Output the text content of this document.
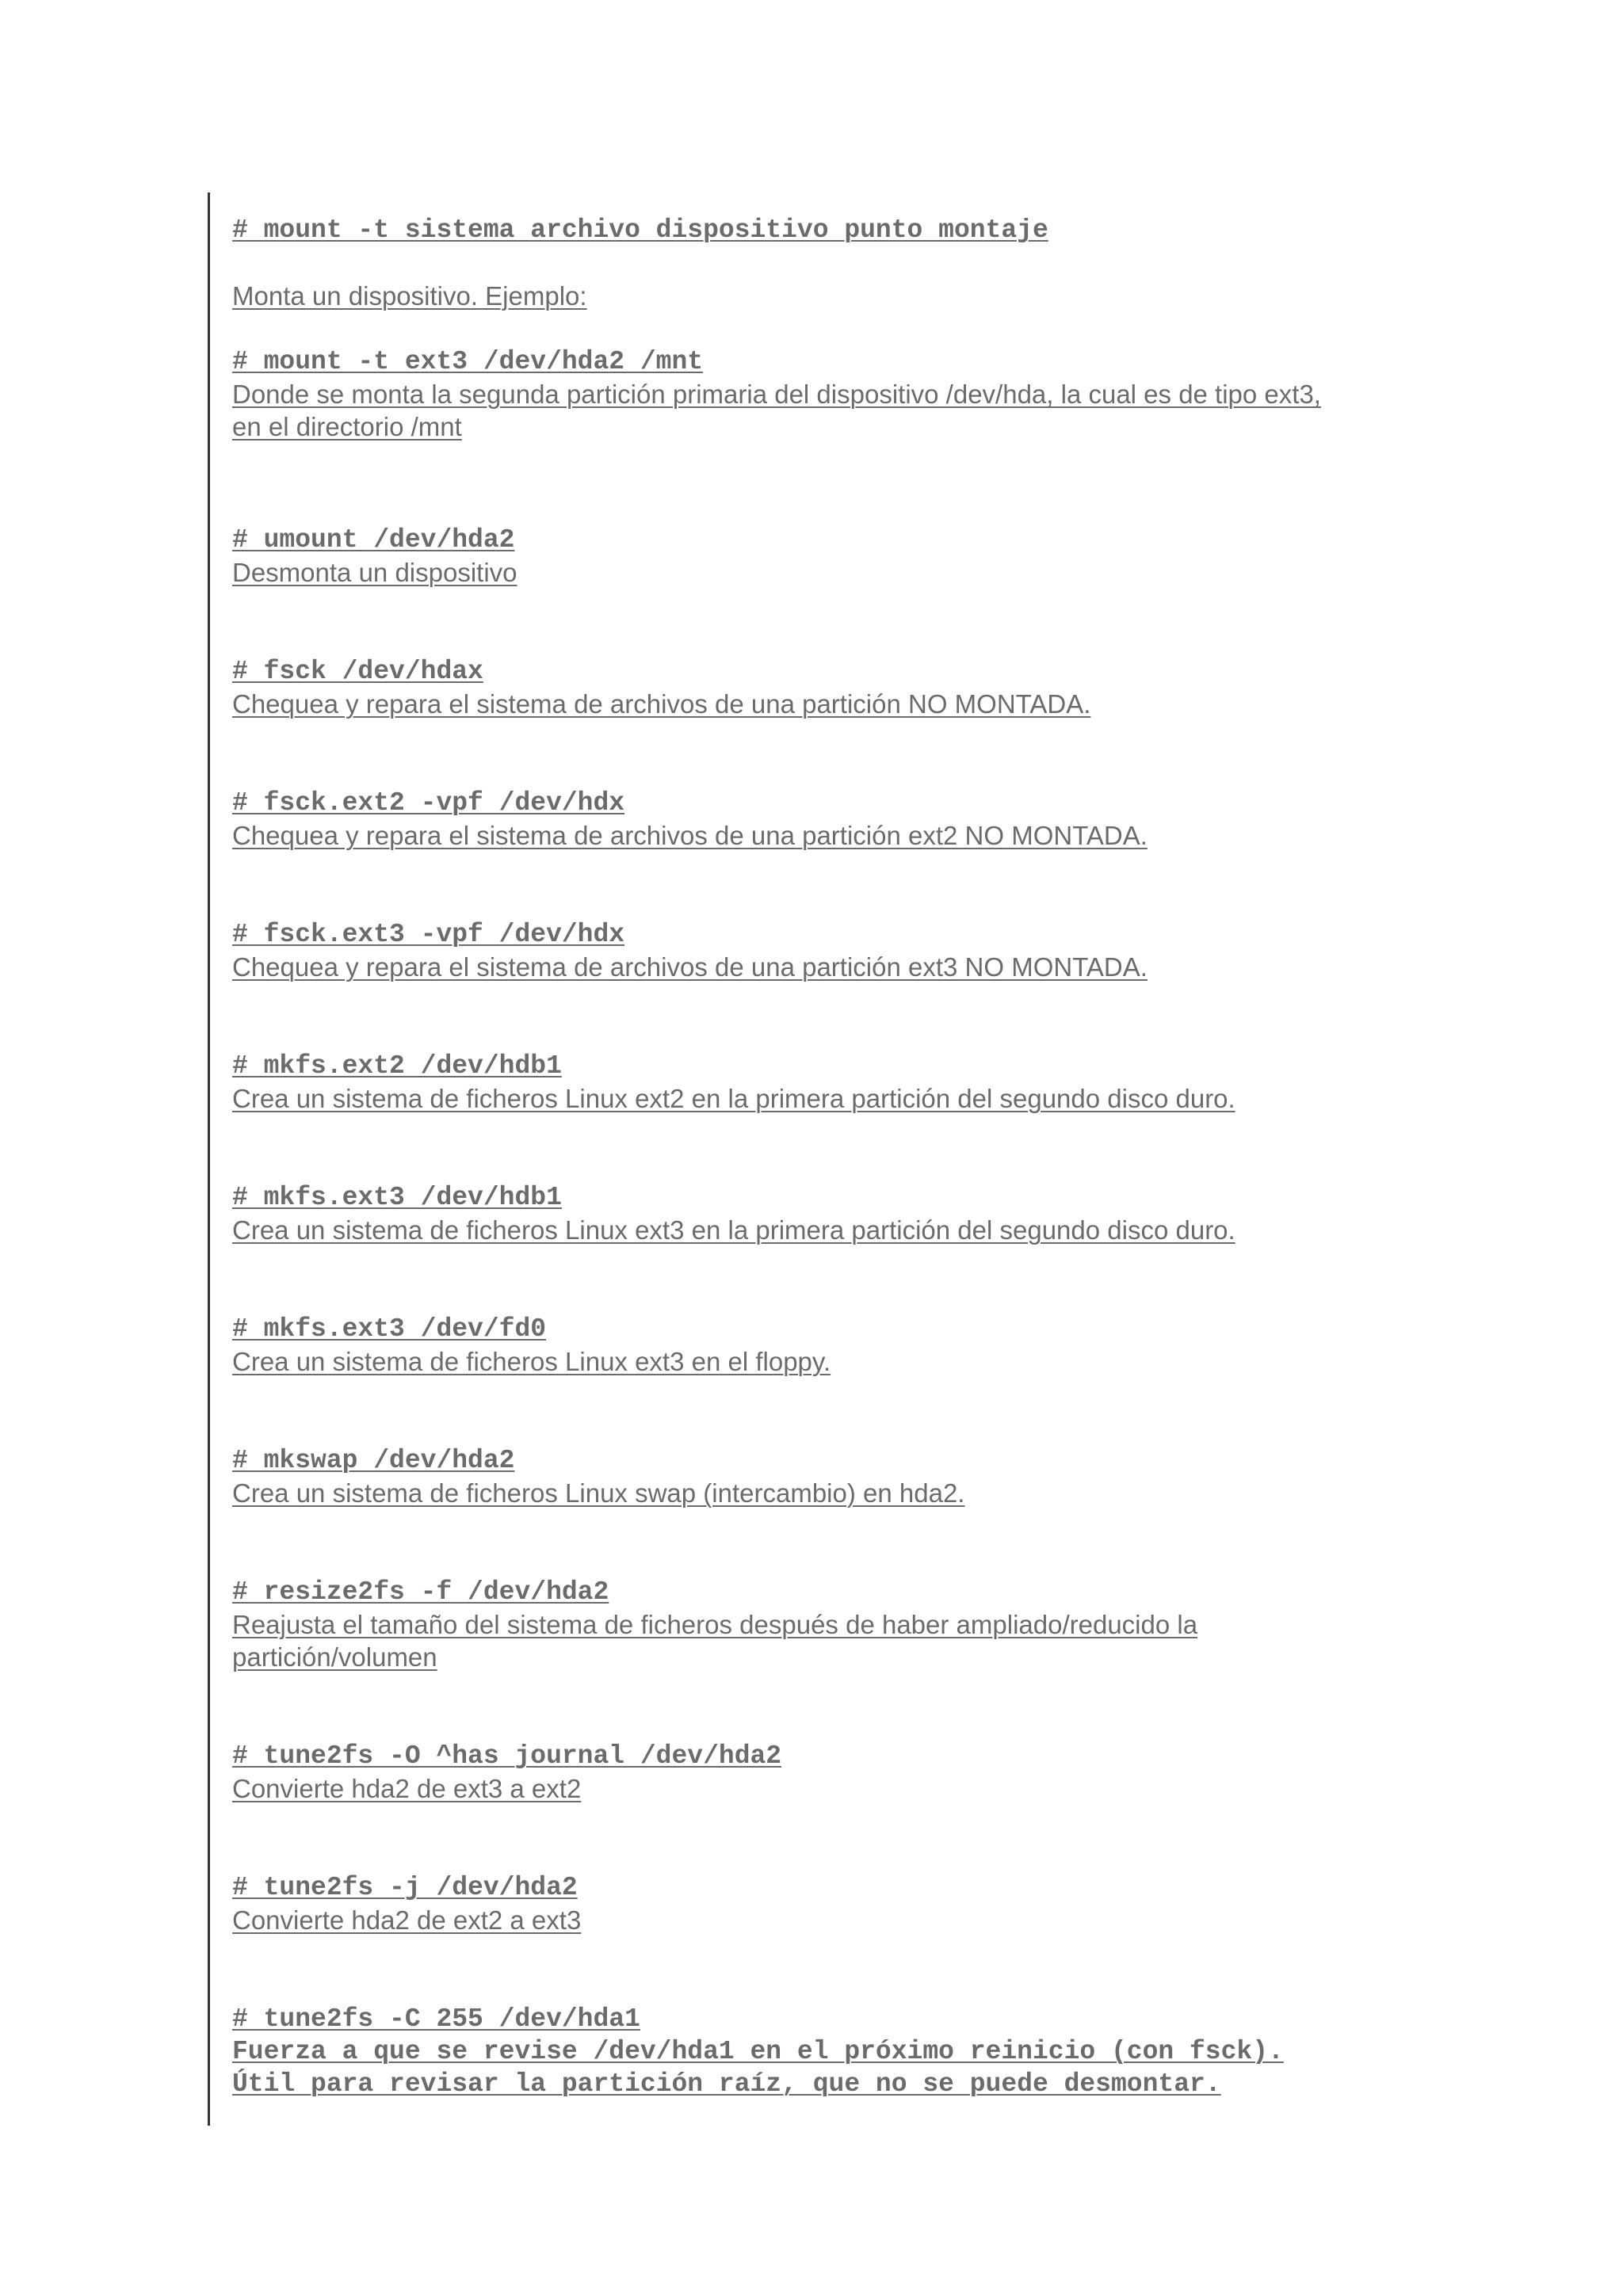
# mount -t sistema archivo dispositivo punto montaje
Monta un dispositivo. Ejemplo:
# mount -t ext3 /dev/hda2 /mnt
Donde se monta la segunda partición primaria del dispositivo /dev/hda, la cual es de tipo ext3,
en el directorio /mnt
# umount /dev/hda2
Desmonta un dispositivo
# fsck /dev/hdax
Chequea y repara el sistema de archivos de una partición NO MONTADA.
# fsck.ext2 -vpf /dev/hdx
Chequea y repara el sistema de archivos de una partición ext2 NO MONTADA.
# fsck.ext3 -vpf /dev/hdx
Chequea y repara el sistema de archivos de una partición ext3 NO MONTADA.
# mkfs.ext2 /dev/hdb1
Crea un sistema de ficheros Linux ext2 en la primera partición del segundo disco duro.
# mkfs.ext3 /dev/hdb1
Crea un sistema de ficheros Linux ext3 en la primera partición del segundo disco duro.
# mkfs.ext3 /dev/fd0
Crea un sistema de ficheros Linux ext3 en el floppy.
# mkswap /dev/hda2
Crea un sistema de ficheros Linux swap (intercambio) en hda2.
# resize2fs -f /dev/hda2
Reajusta el tamaño del sistema de ficheros después de haber ampliado/reducido la
partición/volumen
# tune2fs -O ^has journal /dev/hda2
Convierte hda2 de ext3 a ext2
# tune2fs -j /dev/hda2
Convierte hda2 de ext2 a ext3
# tune2fs -C 255 /dev/hda1
Fuerza a que se revise /dev/hda1 en el próximo reinicio (con fsck).
Útil para revisar la partición raíz, que no se puede desmontar.
